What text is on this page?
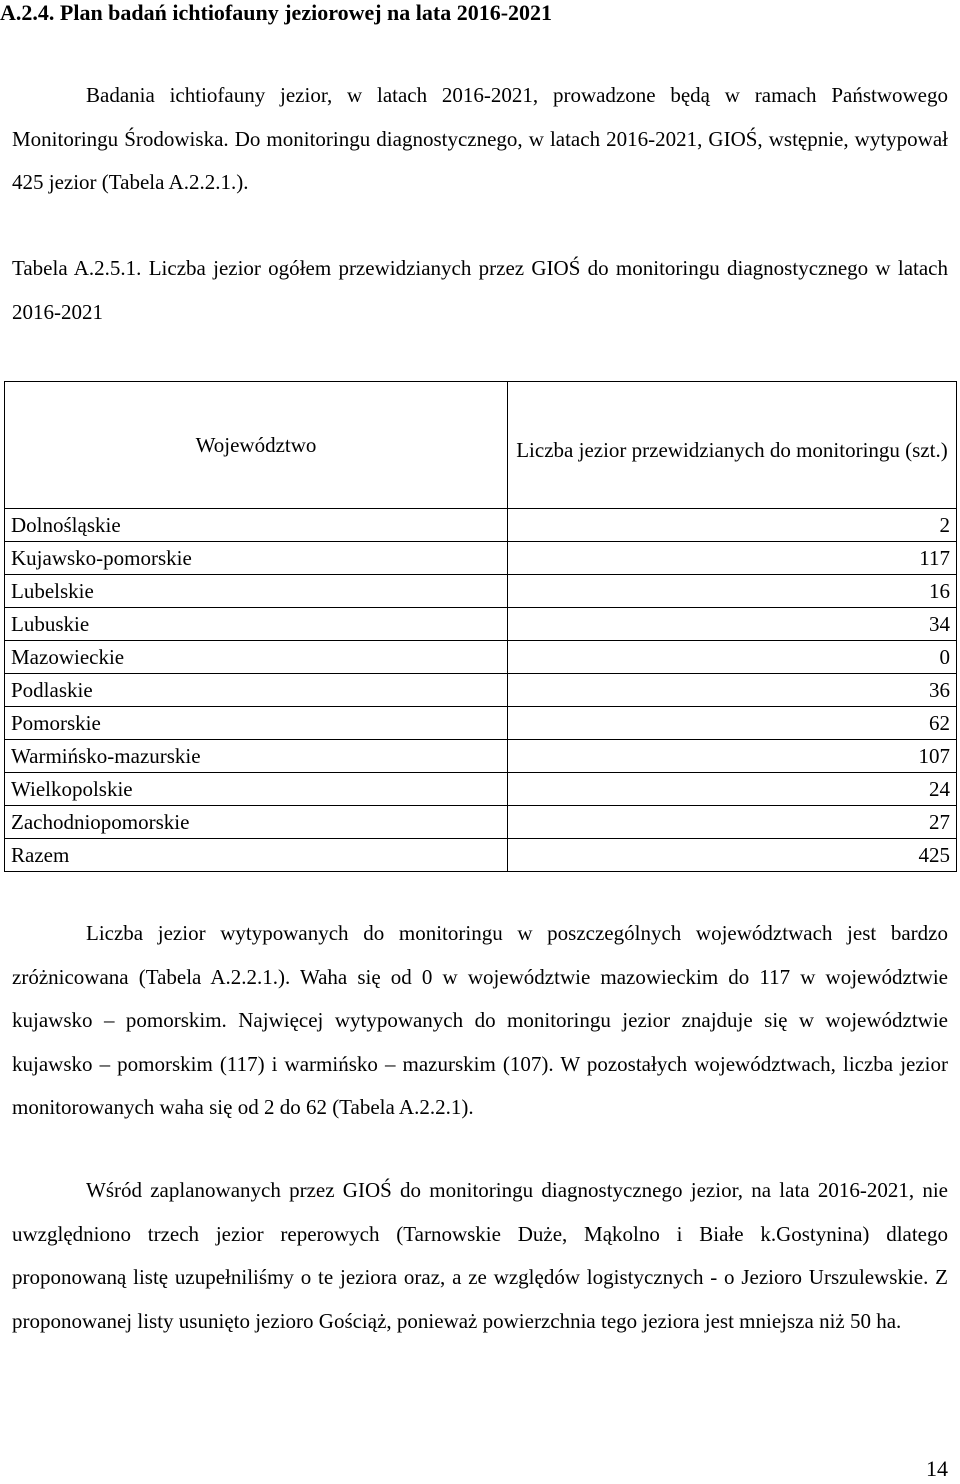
A.2.4. Plan badań ichtiofauny jeziorowej na lata 2016-2021

Badania ichtiofauny jezior, w latach 2016-2021, prowadzone będą w ramach Państwowego Monitoringu Środowiska. Do monitoringu diagnostycznego, w latach 2016-2021, GIOŚ, wstępnie, wytypował 425 jezior (Tabela A.2.2.1.).

Tabela A.2.5.1. Liczba jezior ogółem przewidzianych przez GIOŚ do monitoringu diagnostycznego w latach 2016-2021

Województwo	Liczba jezior przewidzianych do monitoringu (szt.)

Dolnośląskie	2
Kujawsko-pomorskie	117
Lubelskie	16
Lubuskie	34
Mazowieckie	0
Podlaskie	36
Pomorskie	62
Warmińsko-mazurskie	107
Wielkopolskie	24
Zachodniopomorskie	27
Razem	425

Liczba jezior wytypowanych do monitoringu w poszczególnych województwach jest bardzo zróżnicowana (Tabela A.2.2.1.). Waha się od 0 w województwie mazowieckim do 117 w województwie kujawsko – pomorskim. Najwięcej wytypowanych do monitoringu jezior znajduje się w województwie kujawsko – pomorskim (117) i warmińsko – mazurskim (107). W pozostałych województwach, liczba jezior monitorowanych waha się od 2 do 62 (Tabela A.2.2.1).

Wśród zaplanowanych przez GIOŚ do monitoringu diagnostycznego jezior, na lata 2016-2021, nie uwzględniono trzech jezior reperowych (Tarnowskie Duże, Mąkolno i Białe k.Gostynina) dlatego proponowaną listę uzupełniliśmy o te jeziora oraz, a ze względów logistycznych - o Jezioro Urszulewskie. Z proponowanej listy usunięto jezioro Gościąż, ponieważ powierzchnia tego jeziora jest mniejsza niż 50 ha.

14
